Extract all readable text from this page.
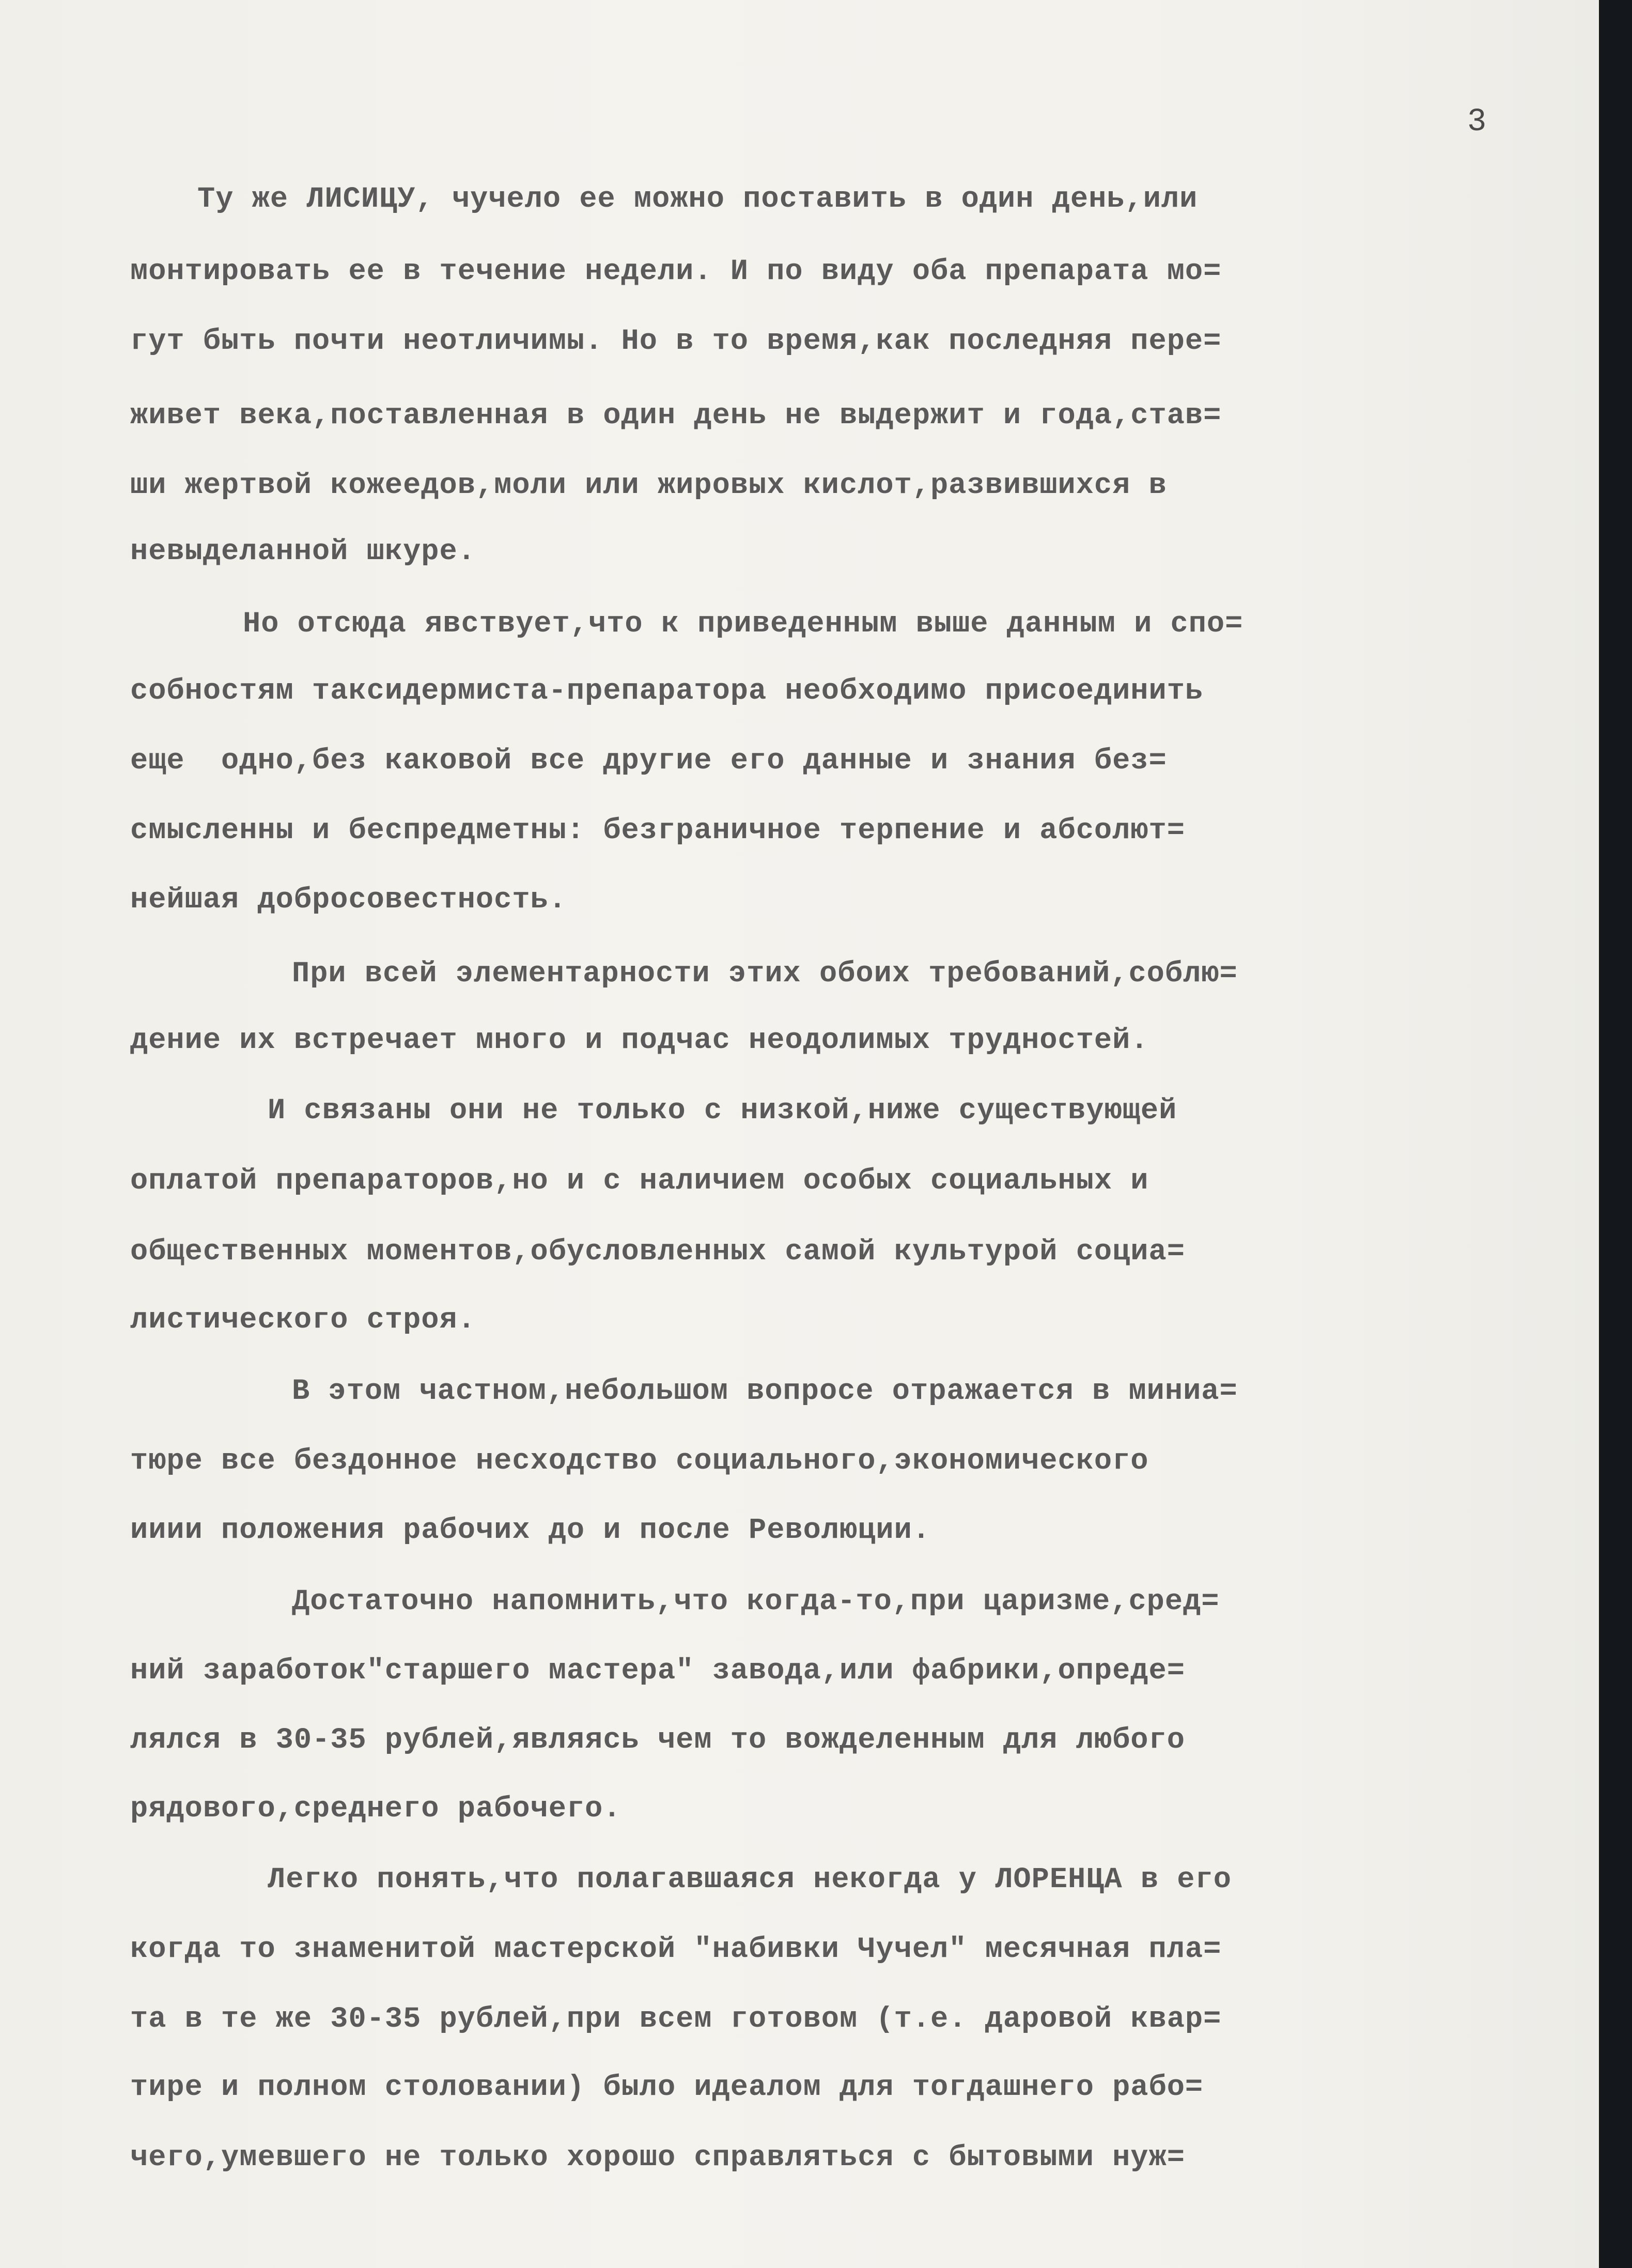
3
Ту же ЛИСИЦУ, чучело ее можно поставить в один день,или
монтировать ее в течение недели. И по виду оба препарата мо=
гут быть почти неотличимы. Но в то время,как последняя пере=
живет века,поставленная в один день не выдержит и года,став=
ши жертвой кожеедов,моли или жировых кислот,развившихся в
невыделанной шкуре.
Но отсюда явствует,что к приведенным выше данным и спо=
собностям таксидермиста-препаратора необходимо присоединить
еще  одно,без каковой все другие его данные и знания без=
смысленны и беспредметны: безграничное терпение и абсолют=
нейшая добросовестность.
При всей элементарности этих обоих требований,соблю=
дение их встречает много и подчас неодолимых трудностей.
И связаны они не только с низкой,ниже существующей
оплатой препараторов,но и с наличием особых социальных и
общественных моментов,обусловленных самой культурой социа=
листического строя.
В этом частном,небольшом вопросе отражается в миниа=
тюре все бездонное несходство социального,экономического
ииии положения рабочих до и после Революции.
Достаточно напомнить,что когда-то,при царизме,сред=
ний заработок"старшего мастера" завода,или фабрики,опреде=
лялся в 30-35 рублей,являясь чем то вожделенным для любого
рядового,среднего рабочего.
Легко понять,что полагавшаяся некогда у ЛОРЕНЦА в его
когда то знаменитой мастерской "набивки Чучел" месячная пла=
та в те же 30-35 рублей,при всем готовом (т.е. даровой квар=
тире и полном столовании) было идеалом для тогдашнего рабо=
чего,умевшего не только хорошо справляться с бытовыми нуж=
